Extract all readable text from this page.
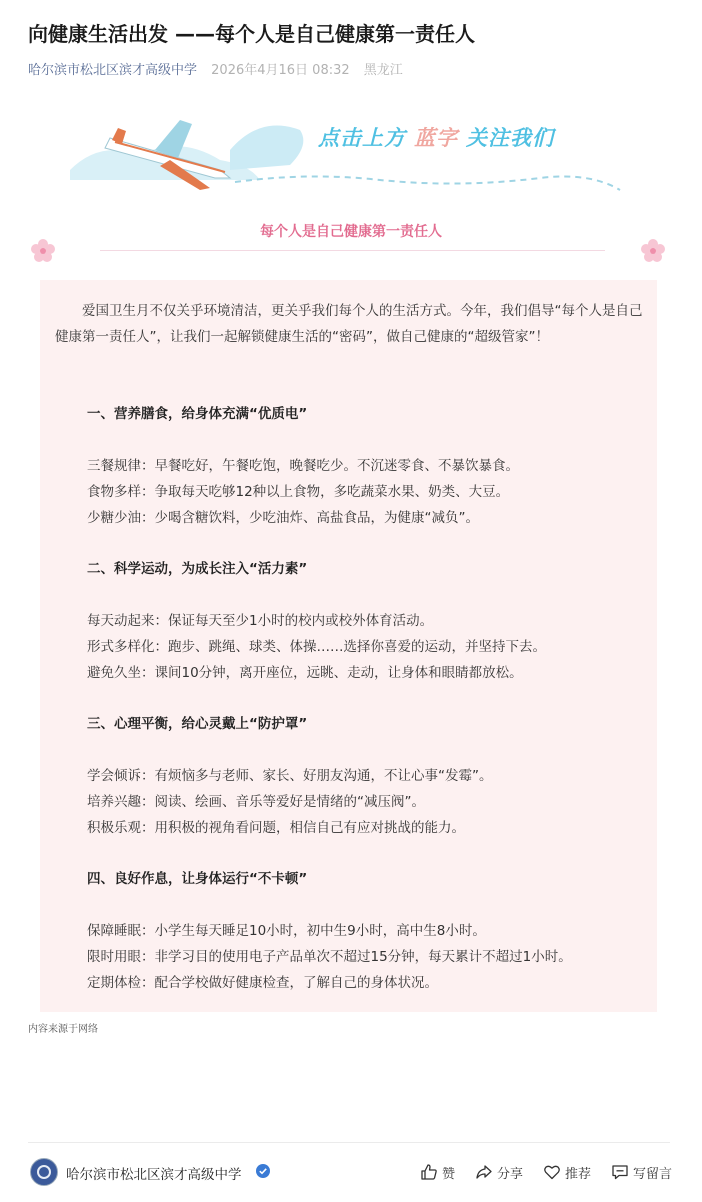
向健康生活出发 ——每个人是自己健康第一责任人
哈尔滨市松北区滨才高级中学 2026年4月16日 08:32 黑龙江
点击上方 蓝字 关注我们
每个人是自己健康第一责任人

爱国卫生月不仅关乎环境清洁，更关乎我们每个人的生活方式。今年，我们倡导“每个人是自己健康第一责任人”，让我们一起解锁健康生活的“密码”，做自己健康的“超级管家”！

一、营养膳食，给身体充满“优质电”
三餐规律：早餐吃好，午餐吃饱，晚餐吃少。不沉迷零食、不暴饮暴食。
食物多样：争取每天吃够12种以上食物，多吃蔬菜水果、奶类、大豆。
少糖少油：少喝含糖饮料，少吃油炸、高盐食品，为健康“减负”。
二、科学运动，为成长注入“活力素”
每天动起来：保证每天至少1小时的校内或校外体育活动。
形式多样化：跑步、跳绳、球类、体操……选择你喜爱的运动，并坚持下去。
避免久坐：课间10分钟，离开座位，远眺、走动，让身体和眼睛都放松。
三、心理平衡，给心灵戴上“防护罩”
学会倾诉：有烦恼多与老师、家长、好朋友沟通，不让心事“发霉”。
培养兴趣：阅读、绘画、音乐等爱好是情绪的“减压阀”。
积极乐观：用积极的视角看问题，相信自己有应对挑战的能力。
四、良好作息，让身体运行“不卡顿”
保障睡眠：小学生每天睡足10小时，初中生9小时，高中生8小时。
限时用眼：非学习目的使用电子产品单次不超过15分钟，每天累计不超过1小时。
定期体检：配合学校做好健康检查，了解自己的身体状况。
内容来源于网络
哈尔滨市松北区滨才高级中学	赞	分享	推荐	写留言
